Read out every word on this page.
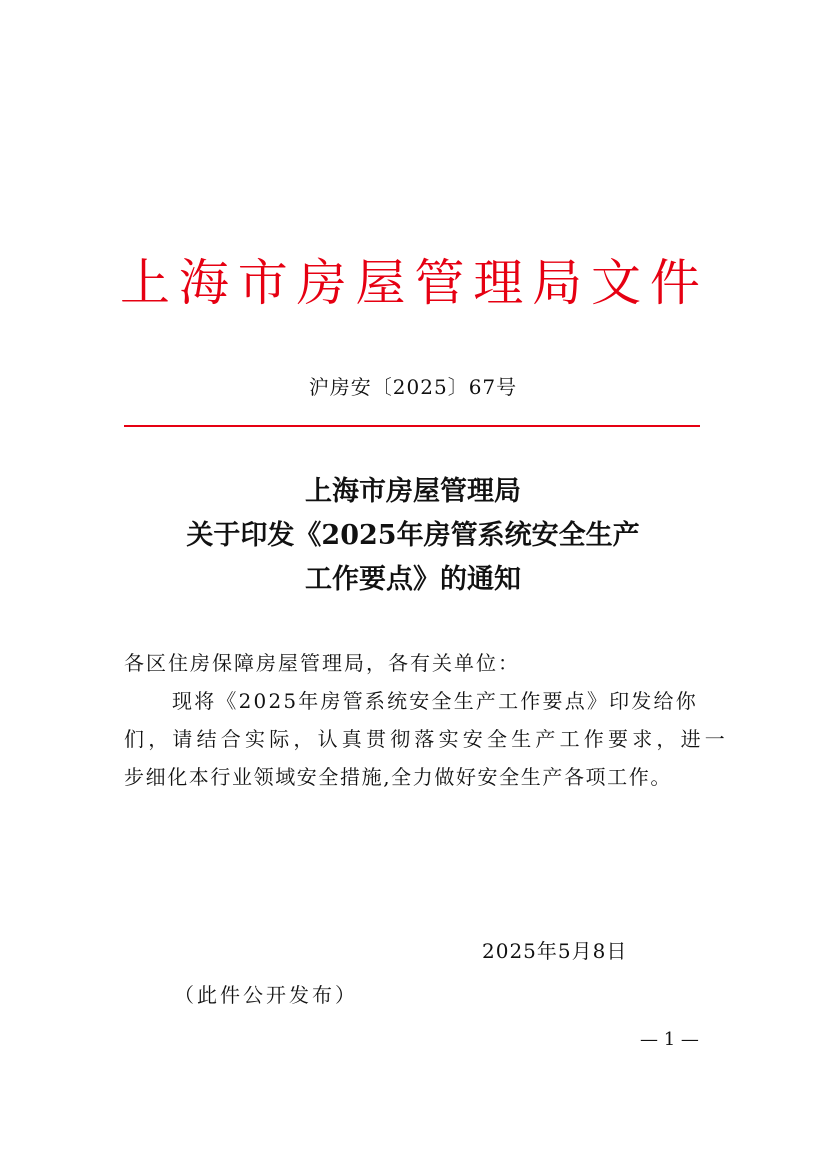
上 海 市 房 屋 管 理 局 文 件
沪房安〔2025〕67号
上海市房屋管理局
关于印发《2025年房管系统安全生产
工作要点》的通知
各区住房保障房屋管理局，各有关单位：
现将《2025年房管系统安全生产工作要点》印发给你
们，请结合实际，认真贯彻落实安全生产工作要求，进一
步细化本行业领域安全措施,全力做好安全生产各项工作。
2025年5月8日
（此件公开发布）
— 1 —
